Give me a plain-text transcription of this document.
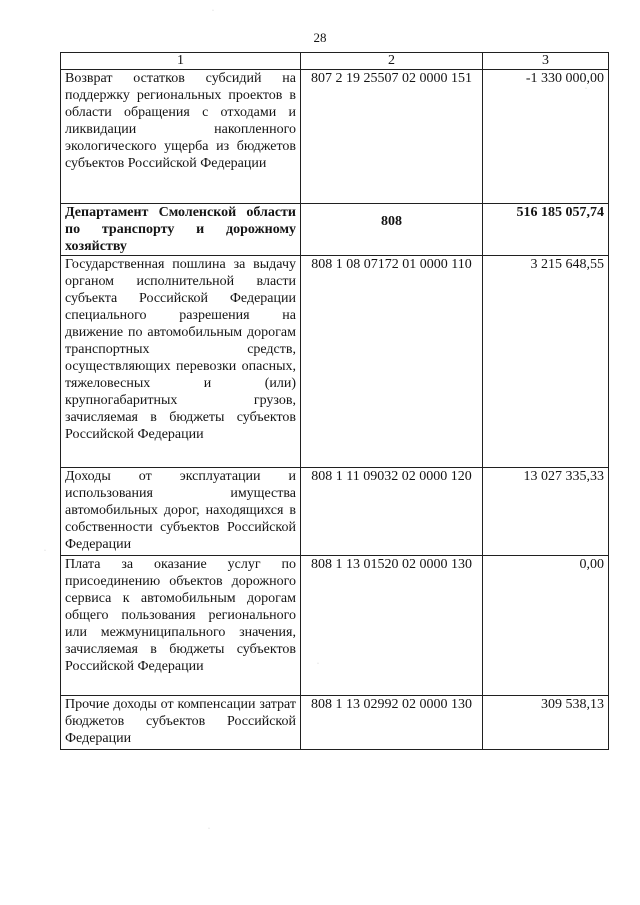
28
1	2	3
Возврат остатков субсидий на поддержку региональных проектов в области обращения с отходами и ликвидации накопленного экологического ущерба из бюджетов субъектов Российской Федерации	807 2 19 25507 02 0000 151	-1 330 000,00
Департамент Смоленской области по транспорту и дорожному хозяйству	808	516 185 057,74
Государственная пошлина за выдачу органом исполнительной власти субъекта Российской Федерации специального разрешения на движение по автомобильным дорогам транспортных средств, осуществляющих перевозки опасных, тяжеловесных и (или) крупногабаритных грузов, зачисляемая в бюджеты субъектов Российской Федерации	808 1 08 07172 01 0000 110	3 215 648,55
Доходы от эксплуатации и использования имущества автомобильных дорог, находящихся в собственности субъектов Российской Федерации	808 1 11 09032 02 0000 120	13 027 335,33
Плата за оказание услуг по присоединению объектов дорожного сервиса к автомобильным дорогам общего пользования регионального или межмуниципального значения, зачисляемая в бюджеты субъектов Российской Федерации	808 1 13 01520 02 0000 130	0,00
Прочие доходы от компенсации затрат бюджетов субъектов Российской Федерации	808 1 13 02992 02 0000 130	309 538,13
·
·
·
·
·
